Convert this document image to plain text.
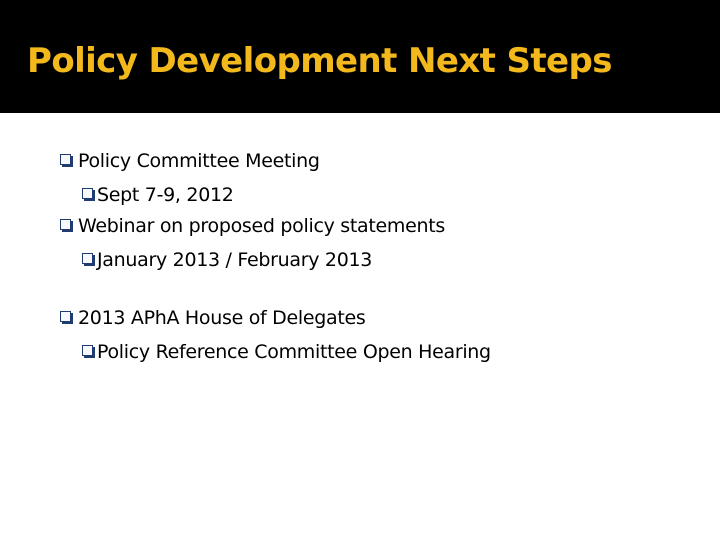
Policy Development Next Steps
Policy Committee Meeting
Sept 7-9, 2012
Webinar on proposed policy statements
January 2013 / February 2013
2013 APhA House of Delegates
Policy Reference Committee Open Hearing
